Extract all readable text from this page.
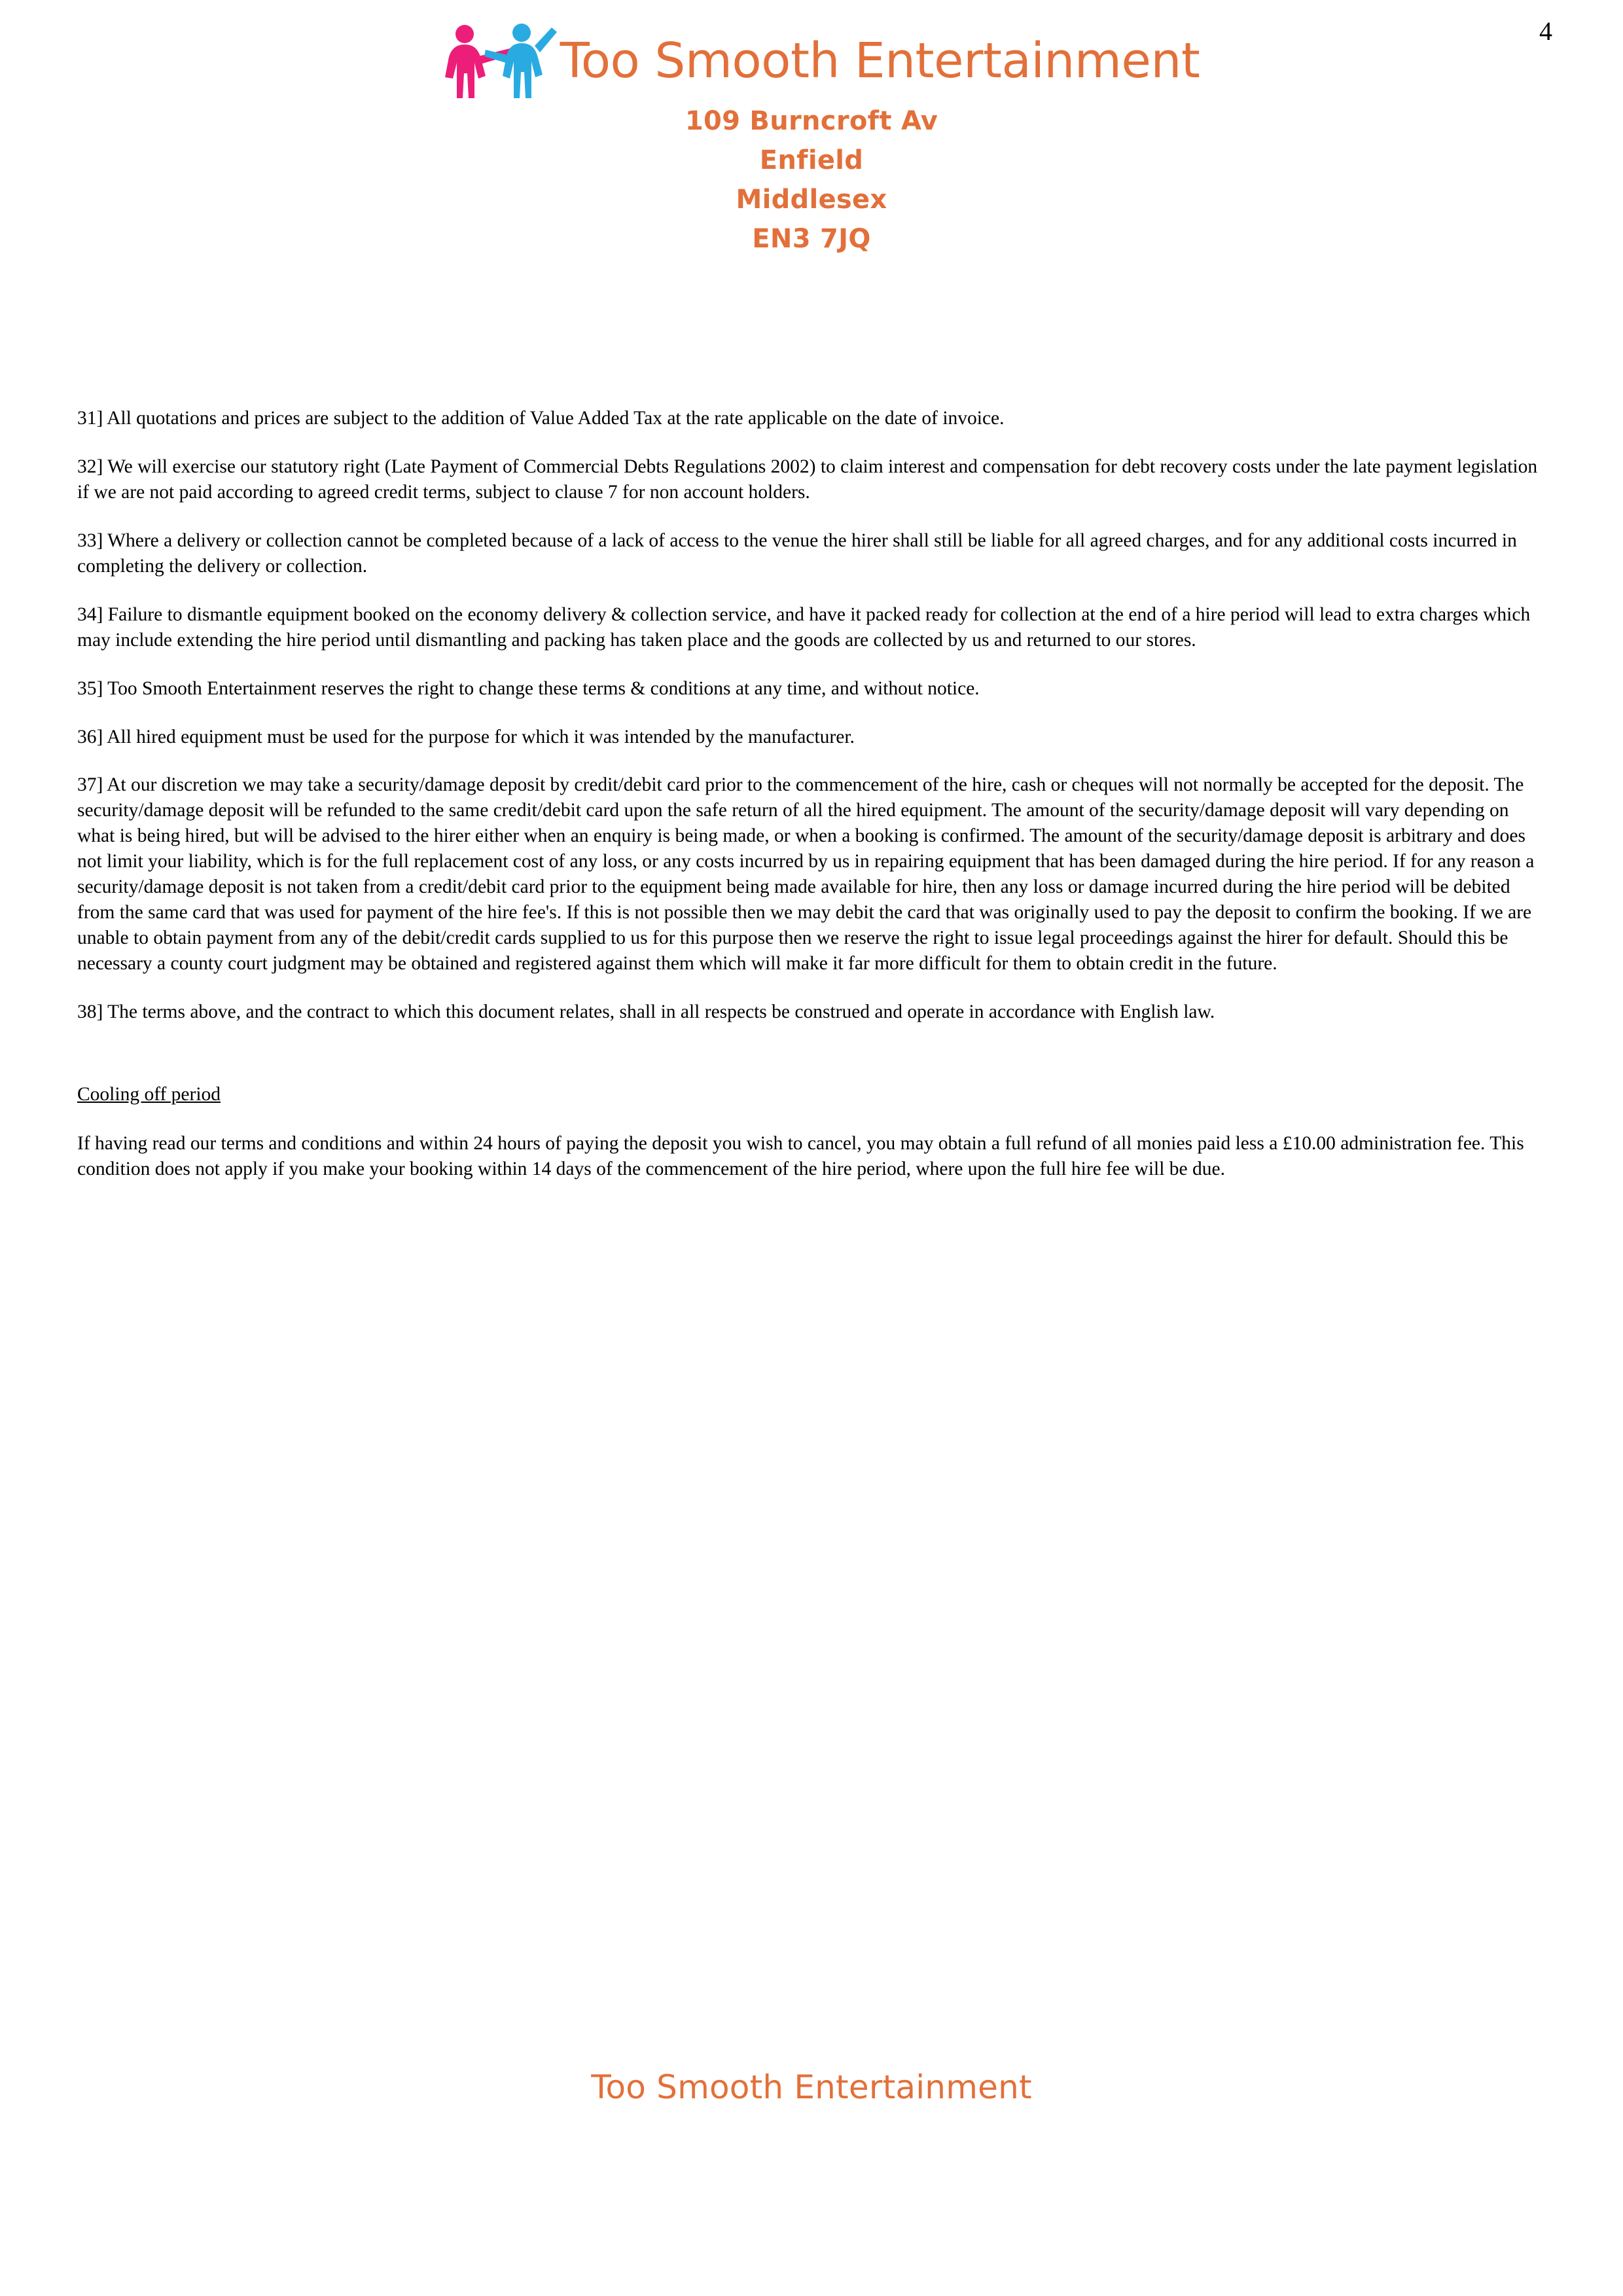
4
Too Smooth Entertainment
109 Burncroft Av
Enfield
Middlesex
EN3 7JQ

31] All quotations and prices are subject to the addition of Value Added Tax at the rate applicable on the date of invoice.

32] We will exercise our statutory right (Late Payment of Commercial Debts Regulations 2002) to claim interest and compensation for debt recovery costs under the late payment legislation if we are not paid according to agreed credit terms, subject to clause 7 for non account holders.

33] Where a delivery or collection cannot be completed because of a lack of access to the venue the hirer shall still be liable for all agreed charges, and for any additional costs incurred in completing the delivery or collection.

34] Failure to dismantle equipment booked on the economy delivery & collection service, and have it packed ready for collection at the end of a hire period will lead to extra charges which may include extending the hire period until dismantling and packing has taken place and the goods are collected by us and returned to our stores.

35] Too Smooth Entertainment reserves the right to change these terms & conditions at any time, and without notice.

36] All hired equipment must be used for the purpose for which it was intended by the manufacturer.

37] At our discretion we may take a security/damage deposit by credit/debit card prior to the commencement of the hire, cash or cheques will not normally be accepted for the deposit. The security/damage deposit will be refunded to the same credit/debit card upon the safe return of all the hired equipment. The amount of the security/damage deposit will vary depending on what is being hired, but will be advised to the hirer either when an enquiry is being made, or when a booking is confirmed. The amount of the security/damage deposit is arbitrary and does not limit your liability, which is for the full replacement cost of any loss, or any costs incurred by us in repairing equipment that has been damaged during the hire period. If for any reason a security/damage deposit is not taken from a credit/debit card prior to the equipment being made available for hire, then any loss or damage incurred during the hire period will be debited from the same card that was used for payment of the hire fee's. If this is not possible then we may debit the card that was originally used to pay the deposit to confirm the booking. If we are unable to obtain payment from any of the debit/credit cards supplied to us for this purpose then we reserve the right to issue legal proceedings against the hirer for default. Should this be necessary a county court judgment may be obtained and registered against them which will make it far more difficult for them to obtain credit in the future.

38] The terms above, and the contract to which this document relates, shall in all respects be construed and operate in accordance with English law.

Cooling off period

If having read our terms and conditions and within 24 hours of paying the deposit you wish to cancel, you may obtain a full refund of all monies paid less a £10.00 administration fee. This condition does not apply if you make your booking within 14 days of the commencement of the hire period, where upon the full hire fee will be due.

Too Smooth Entertainment
